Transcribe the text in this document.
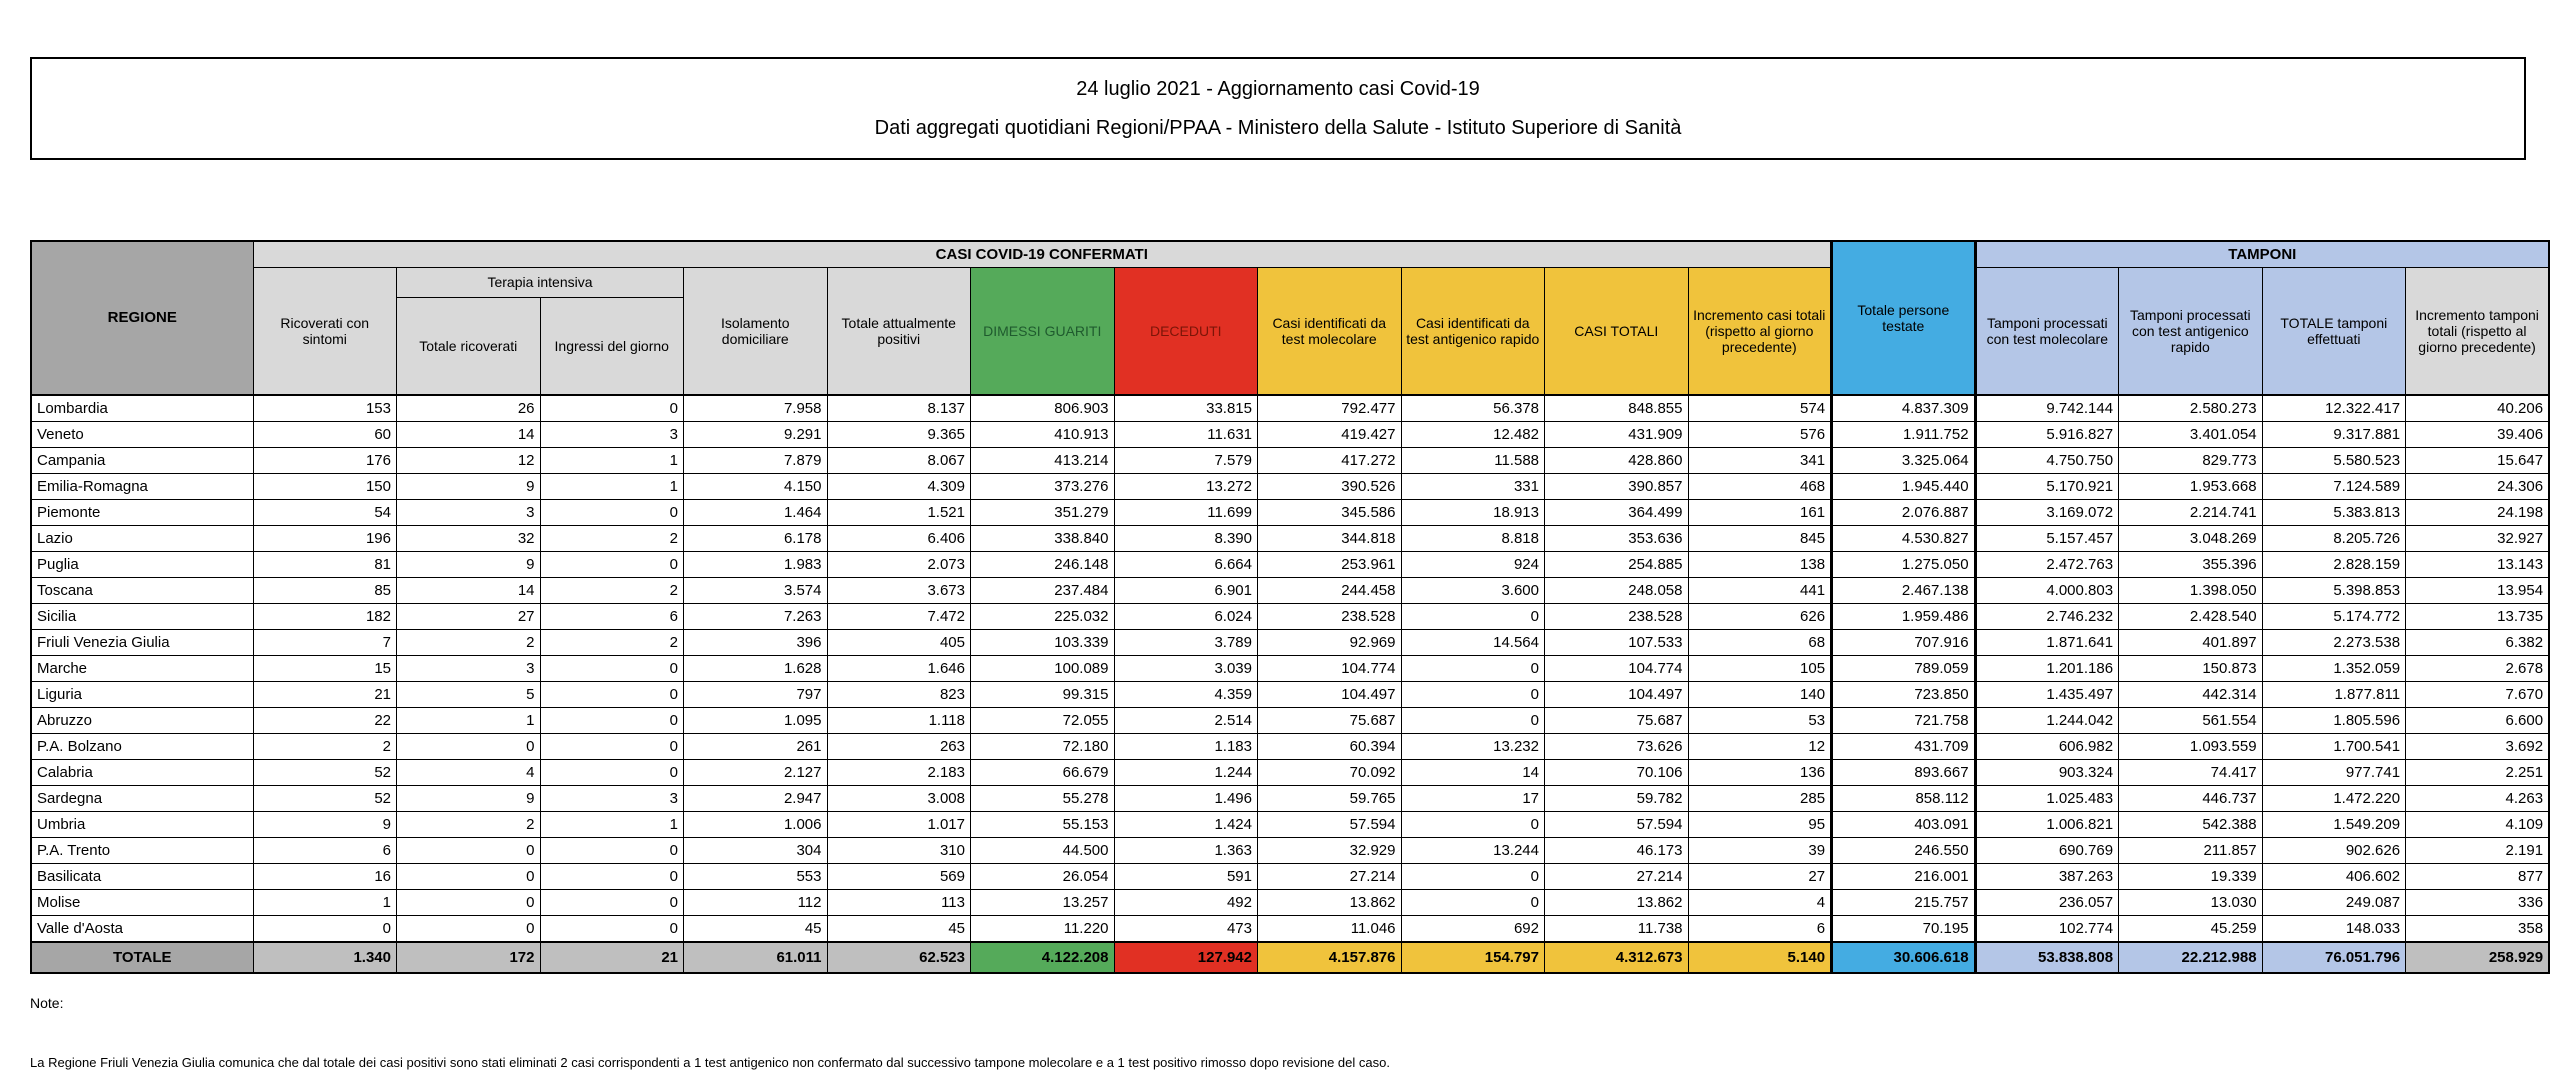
24 luglio 2021 - Aggiornamento casi Covid-19
Dati aggregati quotidiani Regioni/PPAA - Ministero della Salute - Istituto Superiore di Sanità
REGIONE	CASI COVID-19 CONFERMATI											Totale persone testate	TAMPONI			
	Ricoverati con sintomi	Terapia intensiva		Isolamento domiciliare	Totale attualmente positivi	DIMESSI GUARITI	DECEDUTI	Casi identificati da test molecolare	Casi identificati da test antigenico rapido	CASI TOTALI	Incremento casi totali (rispetto al giorno precedente)		Tamponi processati con test molecolare	Tamponi processati con test antigenico rapido	TOTALE tamponi effettuati	Incremento tamponi totali (rispetto al giorno precedente)
		Totale ricoverati	Ingressi del giorno													
Lombardia	153	26	0	7.958	8.137	806.903	33.815	792.477	56.378	848.855	574	4.837.309	9.742.144	2.580.273	12.322.417	40.206
Veneto	60	14	3	9.291	9.365	410.913	11.631	419.427	12.482	431.909	576	1.911.752	5.916.827	3.401.054	9.317.881	39.406
Campania	176	12	1	7.879	8.067	413.214	7.579	417.272	11.588	428.860	341	3.325.064	4.750.750	829.773	5.580.523	15.647
Emilia-Romagna	150	9	1	4.150	4.309	373.276	13.272	390.526	331	390.857	468	1.945.440	5.170.921	1.953.668	7.124.589	24.306
Piemonte	54	3	0	1.464	1.521	351.279	11.699	345.586	18.913	364.499	161	2.076.887	3.169.072	2.214.741	5.383.813	24.198
Lazio	196	32	2	6.178	6.406	338.840	8.390	344.818	8.818	353.636	845	4.530.827	5.157.457	3.048.269	8.205.726	32.927
Puglia	81	9	0	1.983	2.073	246.148	6.664	253.961	924	254.885	138	1.275.050	2.472.763	355.396	2.828.159	13.143
Toscana	85	14	2	3.574	3.673	237.484	6.901	244.458	3.600	248.058	441	2.467.138	4.000.803	1.398.050	5.398.853	13.954
Sicilia	182	27	6	7.263	7.472	225.032	6.024	238.528	0	238.528	626	1.959.486	2.746.232	2.428.540	5.174.772	13.735
Friuli Venezia Giulia	7	2	2	396	405	103.339	3.789	92.969	14.564	107.533	68	707.916	1.871.641	401.897	2.273.538	6.382
Marche	15	3	0	1.628	1.646	100.089	3.039	104.774	0	104.774	105	789.059	1.201.186	150.873	1.352.059	2.678
Liguria	21	5	0	797	823	99.315	4.359	104.497	0	104.497	140	723.850	1.435.497	442.314	1.877.811	7.670
Abruzzo	22	1	0	1.095	1.118	72.055	2.514	75.687	0	75.687	53	721.758	1.244.042	561.554	1.805.596	6.600
P.A. Bolzano	2	0	0	261	263	72.180	1.183	60.394	13.232	73.626	12	431.709	606.982	1.093.559	1.700.541	3.692
Calabria	52	4	0	2.127	2.183	66.679	1.244	70.092	14	70.106	136	893.667	903.324	74.417	977.741	2.251
Sardegna	52	9	3	2.947	3.008	55.278	1.496	59.765	17	59.782	285	858.112	1.025.483	446.737	1.472.220	4.263
Umbria	9	2	1	1.006	1.017	55.153	1.424	57.594	0	57.594	95	403.091	1.006.821	542.388	1.549.209	4.109
P.A. Trento	6	0	0	304	310	44.500	1.363	32.929	13.244	46.173	39	246.550	690.769	211.857	902.626	2.191
Basilicata	16	0	0	553	569	26.054	591	27.214	0	27.214	27	216.001	387.263	19.339	406.602	877
Molise	1	0	0	112	113	13.257	492	13.862	0	13.862	4	215.757	236.057	13.030	249.087	336
Valle d'Aosta	0	0	0	45	45	11.220	473	11.046	692	11.738	6	70.195	102.774	45.259	148.033	358
TOTALE	1.340	172	21	61.011	62.523	4.122.208	127.942	4.157.876	154.797	4.312.673	5.140	30.606.618	53.838.808	22.212.988	76.051.796	258.929
Note:
La Regione Friuli Venezia Giulia comunica che dal totale dei casi positivi sono stati eliminati 2 casi corrispondenti a 1 test antigenico non confermato dal successivo tampone molecolare e a 1 test positivo rimosso dopo revisione del caso.
